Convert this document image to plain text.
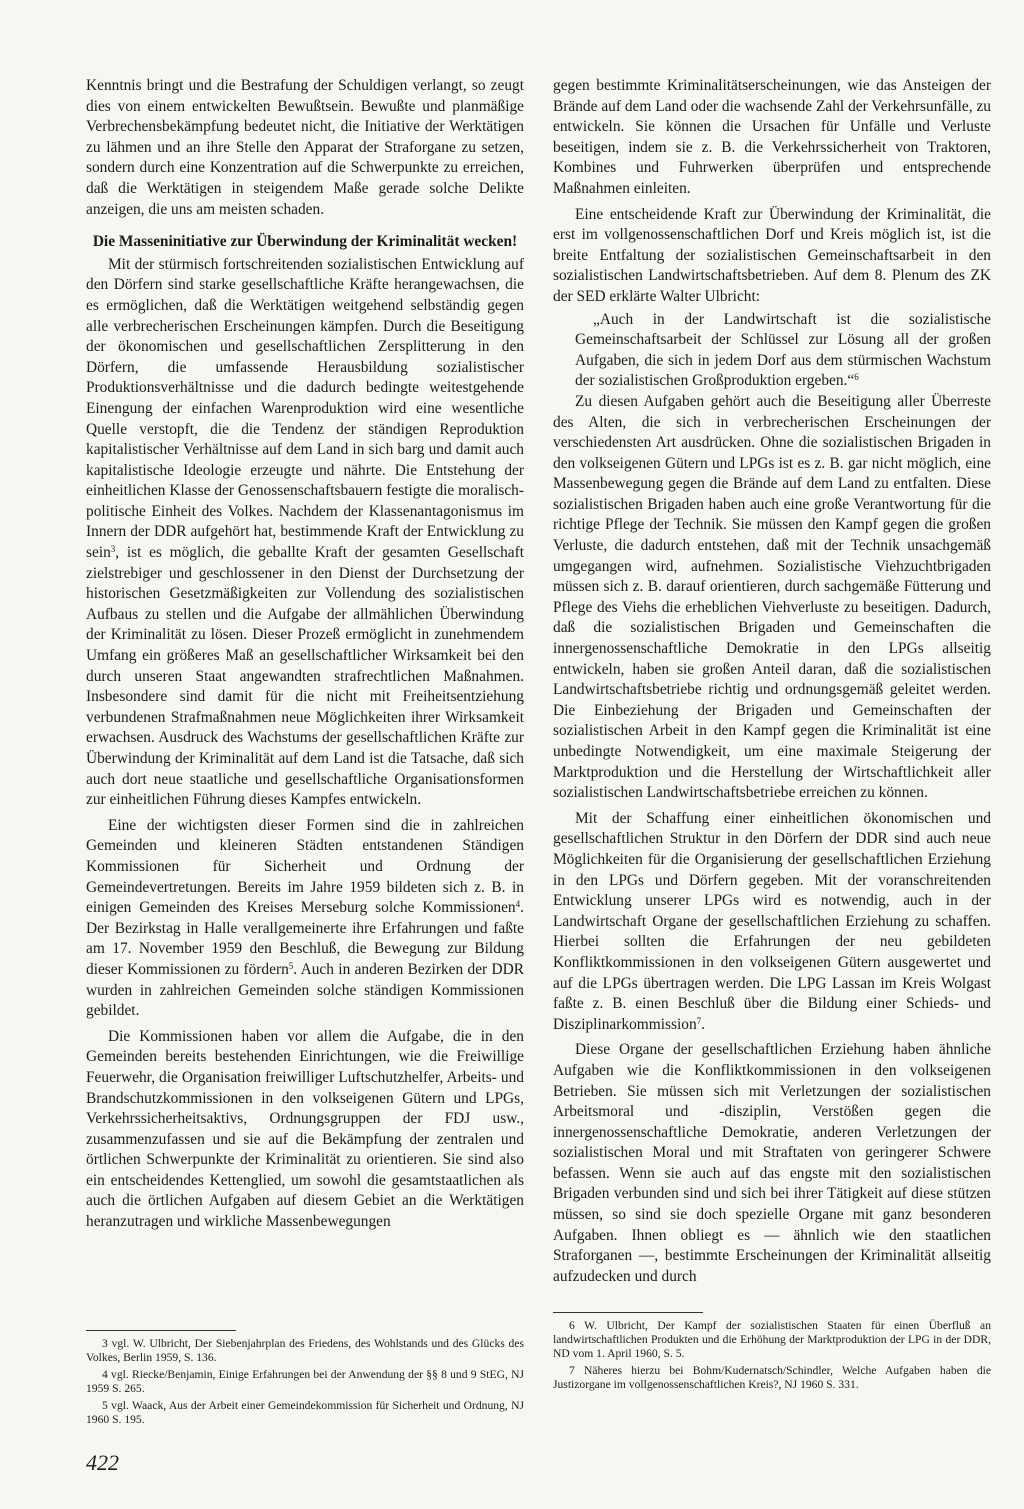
Kenntnis bringt und die Bestrafung der Schuldigen verlangt, so zeugt dies von einem entwickelten Bewußtsein. Bewußte und planmäßige Verbrechensbekämpfung bedeutet nicht, die Initiative der Werktätigen zu lähmen und an ihre Stelle den Apparat der Straforgane zu setzen, sondern durch eine Konzentration auf die Schwerpunkte zu erreichen, daß die Werktätigen in steigendem Maße gerade solche Delikte anzeigen, die uns am meisten schaden.

Die Masseninitiative zur Überwindung der Kriminalität wecken!

Mit der stürmisch fortschreitenden sozialistischen Entwicklung auf den Dörfern sind starke gesellschaftliche Kräfte herangewachsen, die es ermöglichen, daß die Werktätigen weitgehend selbständig gegen alle verbrecherischen Erscheinungen kämpfen. Durch die Beseitigung der ökonomischen und gesellschaftlichen Zersplitterung in den Dörfern, die umfassende Herausbildung sozialistischer Produktionsverhältnisse und die dadurch bedingte weitestgehende Einengung der einfachen Warenproduktion wird eine wesentliche Quelle verstopft, die die Tendenz der ständigen Reproduktion kapitalistischer Verhältnisse auf dem Land in sich barg und damit auch kapitalistische Ideologie erzeugte und nährte. Die Entstehung der einheitlichen Klasse der Genossenschaftsbauern festigte die moralisch-politische Einheit des Volkes. Nachdem der Klassenantagonismus im Innern der DDR aufgehört hat, bestimmende Kraft der Entwicklung zu sein$^3$, ist es möglich, die geballte Kraft der gesamten Gesellschaft zielstrebiger und geschlossener in den Dienst der Durchsetzung der historischen Gesetzmäßigkeiten zur Vollendung des sozialistischen Aufbaus zu stellen und die Aufgabe der allmählichen Überwindung der Kriminalität zu lösen. Dieser Prozeß ermöglicht in zunehmendem Umfang ein größeres Maß an gesellschaftlicher Wirksamkeit bei den durch unseren Staat angewandten strafrechtlichen Maßnahmen. Insbesondere sind damit für die nicht mit Freiheitsentziehung verbundenen Strafmaßnahmen neue Möglichkeiten ihrer Wirksamkeit erwachsen. Ausdruck des Wachstums der gesellschaftlichen Kräfte zur Überwindung der Kriminalität auf dem Land ist die Tatsache, daß sich auch dort neue staatliche und gesellschaftliche Organisationsformen zur einheitlichen Führung dieses Kampfes entwickeln.

Eine der wichtigsten dieser Formen sind die in zahlreichen Gemeinden und kleineren Städten entstandenen Ständigen Kommissionen für Sicherheit und Ordnung der Gemeindevertretungen. Bereits im Jahre 1959 bildeten sich z. B. in einigen Gemeinden des Kreises Merseburg solche Kommissionen$^4$. Der Bezirkstag in Halle verallgemeinerte ihre Erfahrungen und faßte am 17. November 1959 den Beschluß, die Bewegung zur Bildung dieser Kommissionen zu fördern$^5$. Auch in anderen Bezirken der DDR wurden in zahlreichen Gemeinden solche ständigen Kommissionen gebildet.

Die Kommissionen haben vor allem die Aufgabe, die in den Gemeinden bereits bestehenden Einrichtungen, wie die Freiwillige Feuerwehr, die Organisation freiwilliger Luftschutzhelfer, Arbeits- und Brandschutzkommissionen in den volkseigenen Gütern und LPGs, Verkehrssicherheitsaktivs, Ordnungsgruppen der FDJ usw., zusammenzufassen und sie auf die Bekämpfung der zentralen und örtlichen Schwerpunkte der Kriminalität zu orientieren. Sie sind also ein entscheidendes Kettenglied, um sowohl die gesamtstaatlichen als auch die örtlichen Aufgaben auf diesem Gebiet an die Werktätigen heranzutragen und wirkliche Massenbewegungen

gegen bestimmte Kriminalitätserscheinungen, wie das Ansteigen der Brände auf dem Land oder die wachsende Zahl der Verkehrsunfälle, zu entwickeln. Sie können die Ursachen für Unfälle und Verluste beseitigen, indem sie z. B. die Verkehrssicherheit von Traktoren, Kombines und Fuhrwerken überprüfen und entsprechende Maßnahmen einleiten.

Eine entscheidende Kraft zur Überwindung der Kriminalität, die erst im vollgenossenschaftlichen Dorf und Kreis möglich ist, ist die breite Entfaltung der sozialistischen Gemeinschaftsarbeit in den sozialistischen Landwirtschaftsbetrieben. Auf dem 8. Plenum des ZK der SED erklärte Walter Ulbricht:

„Auch in der Landwirtschaft ist die sozialistische Gemeinschaftsarbeit der Schlüssel zur Lösung all der großen Aufgaben, die sich in jedem Dorf aus dem stürmischen Wachstum der sozialistischen Großproduktion ergeben.“$^6$

Zu diesen Aufgaben gehört auch die Beseitigung aller Überreste des Alten, die sich in verbrecherischen Erscheinungen der verschiedensten Art ausdrücken. Ohne die sozialistischen Brigaden in den volkseigenen Gütern und LPGs ist es z. B. gar nicht möglich, eine Massenbewegung gegen die Brände auf dem Land zu entfalten. Diese sozialistischen Brigaden haben auch eine große Verantwortung für die richtige Pflege der Technik. Sie müssen den Kampf gegen die großen Verluste, die dadurch entstehen, daß mit der Technik unsachgemäß umgegangen wird, aufnehmen. Sozialistische Viehzuchtbrigaden müssen sich z. B. darauf orientieren, durch sachgemäße Fütterung und Pflege des Viehs die erheblichen Viehverluste zu beseitigen. Dadurch, daß die sozialistischen Brigaden und Gemeinschaften die innergenossenschaftliche Demokratie in den LPGs allseitig entwickeln, haben sie großen Anteil daran, daß die sozialistischen Landwirtschaftsbetriebe richtig und ordnungsgemäß geleitet werden. Die Einbeziehung der Brigaden und Gemeinschaften der sozialistischen Arbeit in den Kampf gegen die Kriminalität ist eine unbedingte Notwendigkeit, um eine maximale Steigerung der Marktproduktion und die Herstellung der Wirtschaftlichkeit aller sozialistischen Landwirtschaftsbetriebe erreichen zu können.

Mit der Schaffung einer einheitlichen ökonomischen und gesellschaftlichen Struktur in den Dörfern der DDR sind auch neue Möglichkeiten für die Organisierung der gesellschaftlichen Erziehung in den LPGs und Dörfern gegeben. Mit der voranschreitenden Entwicklung unserer LPGs wird es notwendig, auch in der Landwirtschaft Organe der gesellschaftlichen Erziehung zu schaffen. Hierbei sollten die Erfahrungen der neu gebildeten Konfliktkommissionen in den volkseigenen Gütern ausgewertet und auf die LPGs übertragen werden. Die LPG Lassan im Kreis Wolgast faßte z. B. einen Beschluß über die Bildung einer Schieds- und Disziplinarkommission$^7$.

Diese Organe der gesellschaftlichen Erziehung haben ähnliche Aufgaben wie die Konfliktkommissionen in den volkseigenen Betrieben. Sie müssen sich mit Verletzungen der sozialistischen Arbeitsmoral und -disziplin, Verstößen gegen die innergenossenschaftliche Demokratie, anderen Verletzungen der sozialistischen Moral und mit Straftaten von geringerer Schwere befassen. Wenn sie auch auf das engste mit den sozialistischen Brigaden verbunden sind und sich bei ihrer Tätigkeit auf diese stützen müssen, so sind sie doch spezielle Organe mit ganz besonderen Aufgaben. Ihnen obliegt es — ähnlich wie den staatlichen Straforganen —, bestimmte Erscheinungen der Kriminalität allseitig aufzudecken und durch

3 vgl. W. Ulbricht, Der Siebenjahrplan des Friedens, des Wohlstands und des Glücks des Volkes, Berlin 1959, S. 136.

4 vgl. Riecke/Benjamin, Einige Erfahrungen bei der Anwendung der §§ 8 und 9 StEG, NJ 1959 S. 265.

5 vgl. Waack, Aus der Arbeit einer Gemeindekommission für Sicherheit und Ordnung, NJ 1960 S. 195.

6 W. Ulbricht, Der Kampf der sozialistischen Staaten für einen Überfluß an landwirtschaftlichen Produkten und die Erhöhung der Marktproduktion der LPG in der DDR, ND vom 1. April 1960, S. 5.

7 Näheres hierzu bei Bohm/Kudernatsch/Schindler, Welche Aufgaben haben die Justizorgane im vollgenossenschaftlichen Kreis?, NJ 1960 S. 331.

422
